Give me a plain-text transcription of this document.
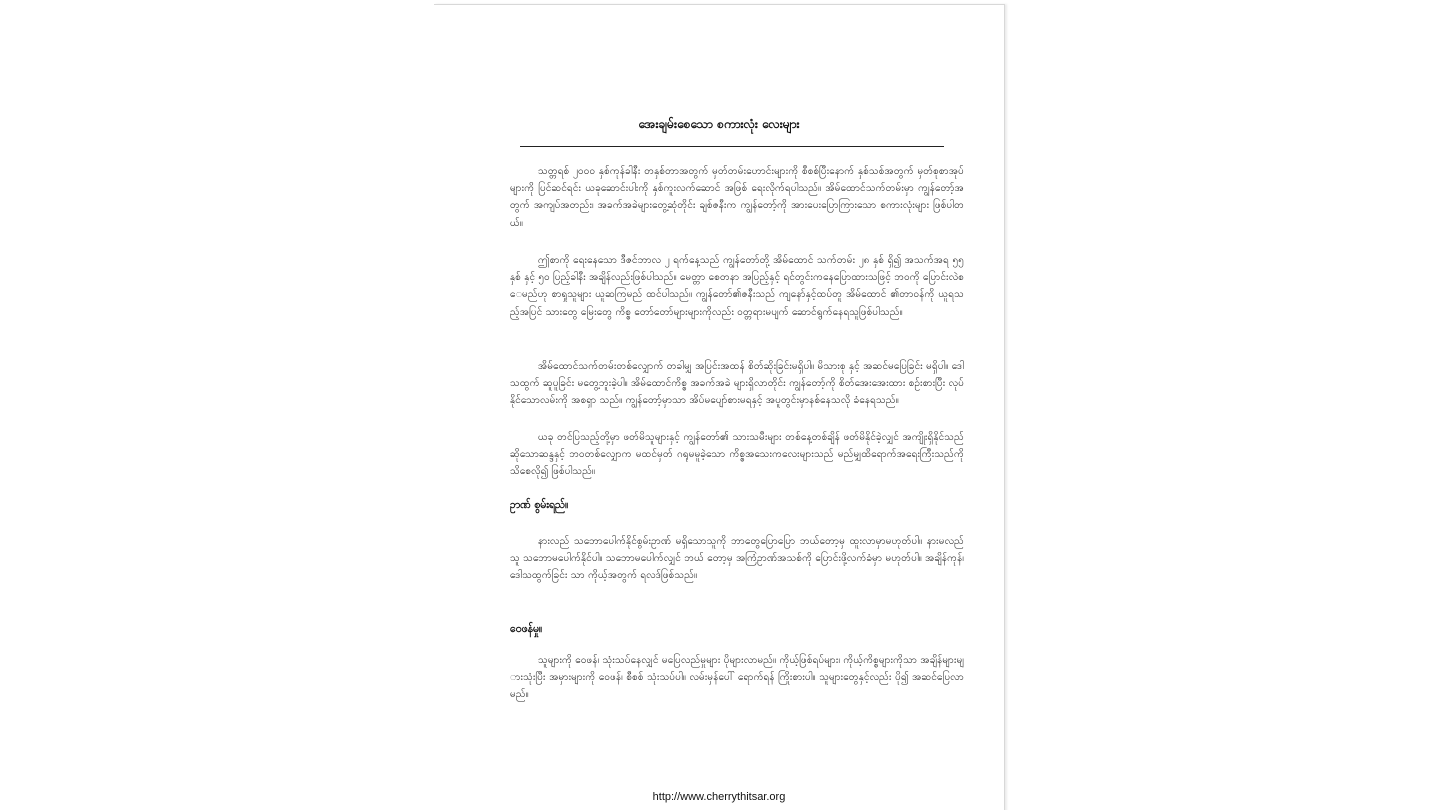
အေးချမ်းစေသော စကားလုံး လေးများ

သတ္တရစ် ၂၀၀၀ နှစ်ကုန်ခါနီး တနှစ်တာအတွက် မှတ်တမ်းဟောင်းများကို စီစစ်ပြီးနောက် နှစ်သစ်အတွက် မှတ်စုစာအုပ်များကို ပြင်ဆင်ရင်း ယခုဆောင်းပါးကို နှစ်ကူးလက်ဆောင် အဖြစ် ရေးလိုက်ရပါသည်။ အိမ်ထောင်သက်တမ်းမှာ ကျွန်တော့်အတွက် အကျပ်အတည်း၊ အခက်အခဲများတွေ့ဆုံတိုင်း ချစ်ဇနီးက ကျွန်တော့်ကို အားပေးပြောကြားသော စကားလုံးများ ဖြစ်ပါတယ်။

ဤစာကို ရေးနေသော ဒီဇင်ဘာလ ၂ ရက်နေ့သည် ကျွန်တော်တို့ အိမ်ထောင် သက်တမ်း ၂၈ နှစ် ရှိ၍ အသက်အရ ၅၅ နှစ် နှင့် ၅၀ ပြည့်ခါနီး အချိန်လည်းဖြစ်ပါသည်။ မေတ္တာ စေတနာ အပြည့်နှင့် ရင်တွင်းကနေပြောထားသဖြင့် ဘဝကို ပြောင်းလဲစေမည်ဟု စာရှုသူများ ယူဆကြမည် ထင်ပါသည်။ ကျွန်တော်၏ဇနီးသည် ကျနော်နှင့်ထပ်တူ အိမ်ထောင် ၏တာဝန်ကို ယူရသည့်အပြင် သားတွေ မြေးတွေ ကိစ္စ တော်တော်များများကိုလည်း ဝတ္တရားမပျက် ဆောင်ရွက်နေရသူဖြစ်ပါသည်။

အိမ်ထောင်သက်တမ်းတစ်လျှောက် တခါမျှ အပြင်းအထန် စိတ်ဆိုးခြင်းမရှိပါ။ မိသားစု နှင့် အဆင်မပြေခြင်း မရှိပါ။ ဒေါသထွက် ဆူပူခြင်း မတွေ့ဘူးခဲ့ပါ။ အိမ်ထောင်ကိစ္စ အခက်အခဲ များရှိလာတိုင်း ကျွန်တော့်ကို စိတ်အေးအေးထား စဉ်းစားပြီး လုပ်နိုင်သောလမ်းကို အစရှာ သည်။ ကျွန်တော့်မှာသာ အိပ်မပျော်စားမရနှင့် အပူတွင်းမှာနစ်နေသလို ခံနေရသည်။

ယခု တင်ပြသည့်တို့မှာ ဖတ်မိသူများနှင့် ကျွန်တော်၏ သားသမီးများ တစ်နေ့တစ်ချိန် ဖတ်မိနိုင်ခဲ့လျှင် အကျိုးရှိနိုင်သည်ဆိုသောဆန္ဒနှင့် ဘဝတစ်လျှောက မထင်မှတ် ဂရုမမူခဲ့သော ကိစ္စအသေးကလေးများသည် မည်မျှထိရောက်အရေးကြီးသည်ကို သိစေလို၍ ဖြစ်ပါသည်။

ဥာဏ် စွမ်းရည်။

နားလည် သဘောပေါက်နိုင်စွမ်းဥာဏ် မရှိသောသူကို ဘာတွေပြောပြော ဘယ်တော့မှ ထူးလာမှာမဟုတ်ပါ။ နားမလည် သူ သဘောမပေါက်နိုင်ပါ။ သဘောမပေါက်လျှင် ဘယ် တော့မှ အကြံဥာဏ်အသစ်ကို ပြောင်းဖို့လက်ခံမှာ မဟုတ်ပါ။ အချိန်ကုန်၊ ဒေါသထွက်ခြင်း သာ ကိုယ့်အတွက် ရလဒ်ဖြစ်သည်။

ဝေဖန်မှု။

သူများကို ဝေဖန်၊ သုံးသပ်နေလျှင် မပြေလည်မှုများ ပိုများလာမည်။ ကိုယ့်ဖြစ်ရပ်များ၊ ကိုယ့်ကိစ္စများကိုသာ အချိန်များများသုံးပြီး အမှားများကို ဝေဖန်၊ စီစစ် သုံးသပ်ပါ။ လမ်းမှန်ပေါ် ရောက်ရန် ကြိုးစားပါ။ သူများတွေနှင့်လည်း ပို၍ အဆင်ပြေလာမည်။

http://www.cherrythitsar.org
